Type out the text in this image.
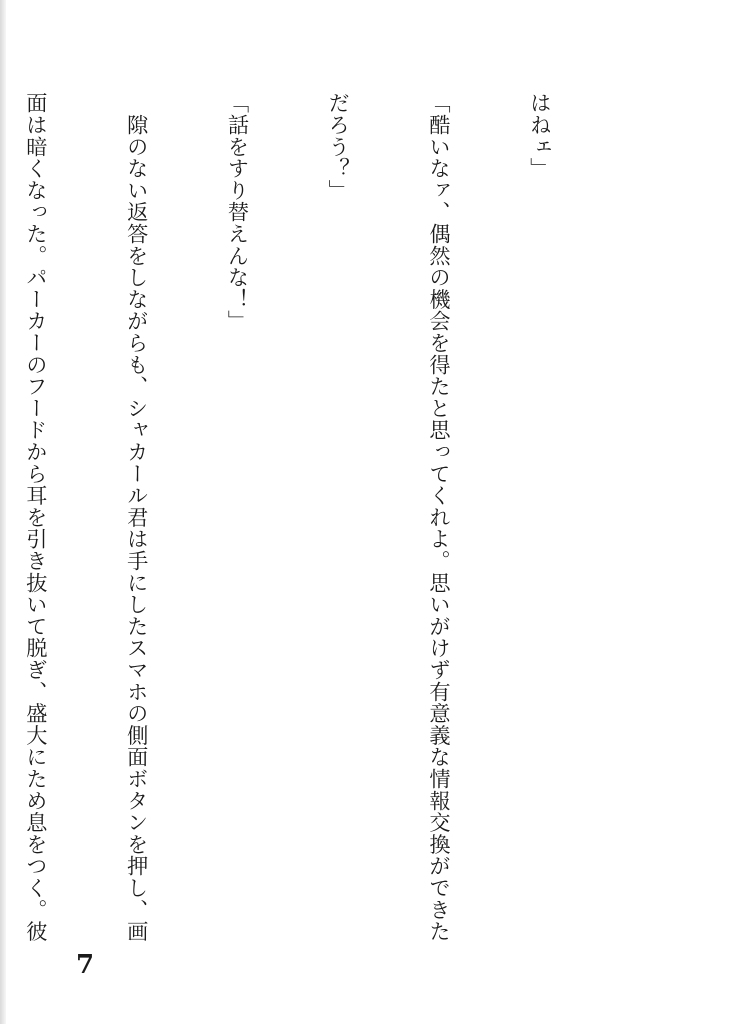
はねェ」

「酷いなァ、偶然の機会を得たと思ってくれよ。思いがけず有意義な情報交換ができた

だろう？」

「話をすり替えんな！」

　隙のない返答をしながらも、シャカール君は手にしたスマホの側面ボタンを押し、画

面は暗くなった。パーカーのフードから耳を引き抜いて脱ぎ、盛大にため息をつく。彼

7
